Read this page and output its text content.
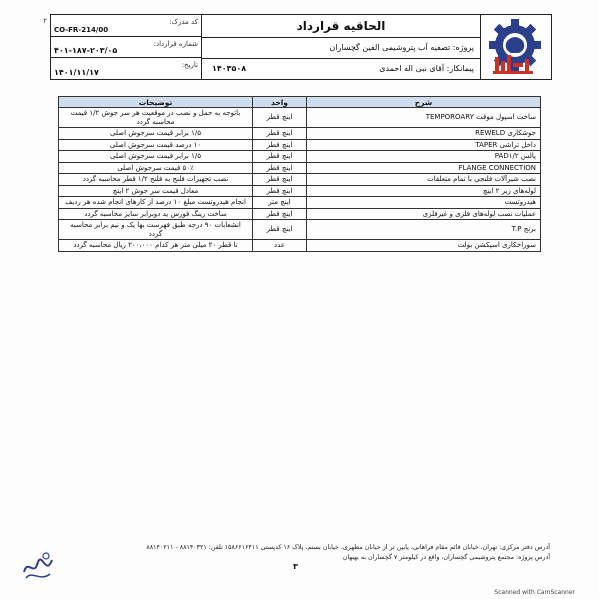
۲	کد مدرک:
CO-FR-214/00
شماره قرارداد:
۴۰۱-۱۸۷-۲۰۳/۰۵
تاریخ:
۱۴۰۱/۱۱/۱۷
الحاقیه قرارداد
پروژه: تصفیه آب پتروشیمی الفین گچساران
پیمانکار: آقای نبی اله احمدی
۱۴۰۳۵۰۸
شرح	واحد	توضیحات
ساخت اسپول موقت TEMPOROARY	اینچ قطر	باتوجه به حمل و نصب در موقعیت هر سر جوش ۱/۲ قیمت محاسبه گردد
جوشکاری REWELD	اینچ قطر	۱/۵ برابر قیمت سرجوش اصلی
داخل تراشی TAPER	اینچ قطر	۱۰ درصد قیمت سرجوش اصلی
پالس PAD۱/۲	اینچ قطر	۱/۵ برابر قیمت سرجوش اصلی
FLANGE CONNECTION	اینچ قطر	۵۰٪ قیمت سرجوش اصلی
نصب شیرآلات فلنجی با تمام متعلقات	اینچ قطر	نصب تجهیزات فلنج به فلنج ۱/۲ قطر محاسبه گردد
لوله‌های زیر ۲ اینچ	اینچ قطر	معادل قیمت سر جوش ۲ اینچ
هیدروتست	اینچ متر	انجام هیدروتست مبلغ ۱۰ درصد از کارهای انجام شده هر ردیف
عملیات نصب لوله‌های فلزی و غیرفلزی	اینچ قطر	ساخت رینگ فورس ید دوبرابر سایز محاسبه گردد
برنج T.P	اینچ قطر	انشعابات ۹۰ درجه طبق فهرست بها یک و نیم برابر محاسبه گردد
سوراخکاری اسپکشن بولت	عدد	تا قطر ۲۰ میلی متر هر کدام ۲۰۰،۰۰۰ ریال محاسبه گردد
آدرس دفتر مرکزی: تهران، خیابان قائم مقام فراهانی، پایین تر از خیابان مطهری، خیابان بستم، پلاک ۱۶ کدپستی ۱۵۸۶۶۱۶۴۱۱ تلفن: ۸۸۱۴۰۳۲۱ - ۸۸۱۴۰۲۱۱
آدرس پروژه: مجتمع پتروشیمی گچساران، واقع در کیلومتر ۷ گچساران به بهبهان
۳
Scanned with CamScanner
